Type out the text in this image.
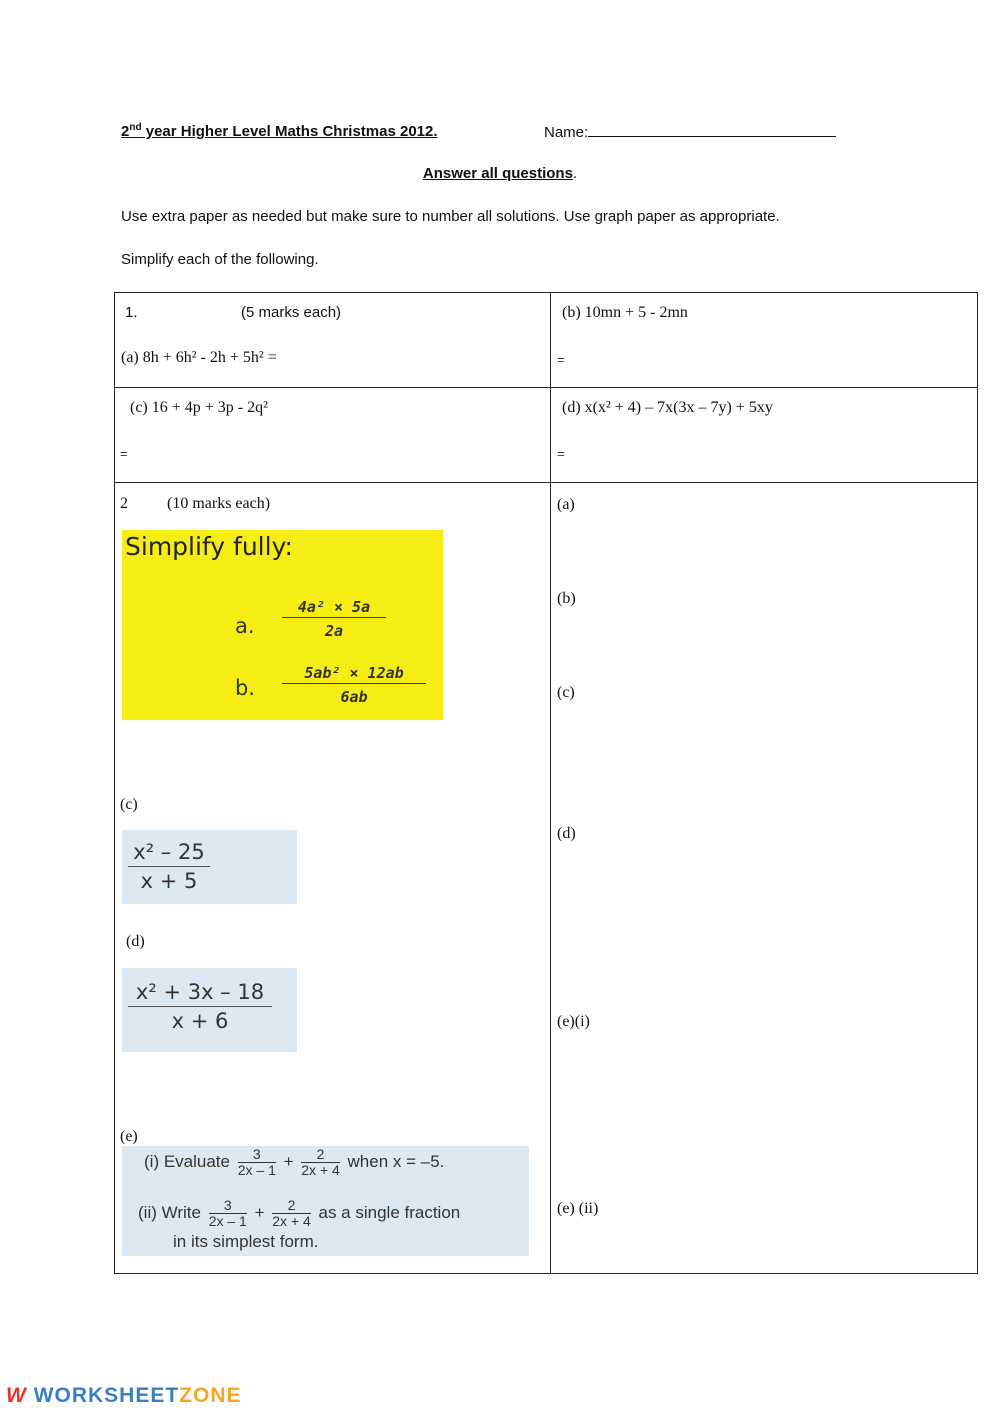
2nd year Higher Level Maths Christmas 2012.	Name:
Answer all questions.
Use extra paper as needed but make sure to number all solutions. Use graph paper as appropriate.
Simplify each of the following.
1.	(5 marks each)
(a) 8h + 6h² - 2h + 5h² =
(b) 10mn + 5 - 2mn
=
(c) 16 + 4p + 3p - 2q²
=
(d) x(x² + 4) – 7x(3x – 7y) + 5xy
=
2 (10 marks each)
Simplify fully:
a.
4a² × 5a
2a
b.
5ab² × 12ab
6ab
(c)
x² – 25
x + 5
(d)
x² + 3x – 18
x + 6
(e)
(i) Evaluate $\frac{3}{2x - 1} + \frac{2}{2x + 4}$ when x = –5.
(ii) Write $\frac{3}{2x - 1} + \frac{2}{2x + 4}$ as a single fraction
in its simplest form.
(a)
(b)
(c)
(d)
(e)(i)
(e) (ii)
W WORKSHEETZONE
